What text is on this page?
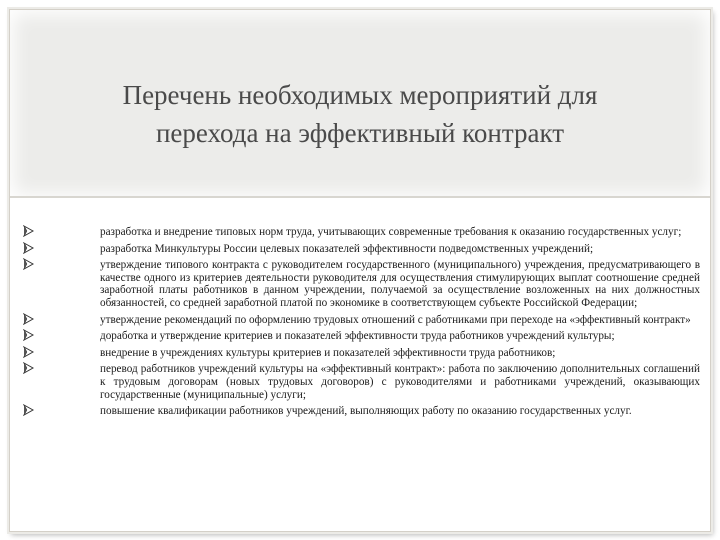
Перечень необходимых мероприятий для
перехода на эффективный контракт
разработка и внедрение типовых норм труда, учитывающих современные требования к оказанию государственных услуг;
разработка Минкультуры России целевых показателей эффективности подведомственных учреждений;
утверждение типового контракта с руководителем государственного (муниципального) учреждения, предусматривающего в качестве одного из критериев деятельности руководителя для осуществления стимулирующих выплат соотношение средней заработной платы работников в данном учреждении, получаемой за осуществление возложенных на них должностных обязанностей, со средней заработной платой по экономике в соответствующем субъекте Российской Федерации;
утверждение рекомендаций по оформлению трудовых отношений с работниками при переходе на «эффективный контракт»
доработка и утверждение критериев и показателей эффективности труда работников учреждений культуры;
внедрение в учреждениях культуры критериев и показателей эффективности труда работников;
перевод работников учреждений культуры на «эффективный контракт»: работа по заключению дополнительных соглашений к трудовым договорам (новых трудовых договоров) с руководителями и работниками учреждений, оказывающих государственные (муниципальные) услуги;
повышение квалификации работников учреждений, выполняющих работу по оказанию государственных услуг.
